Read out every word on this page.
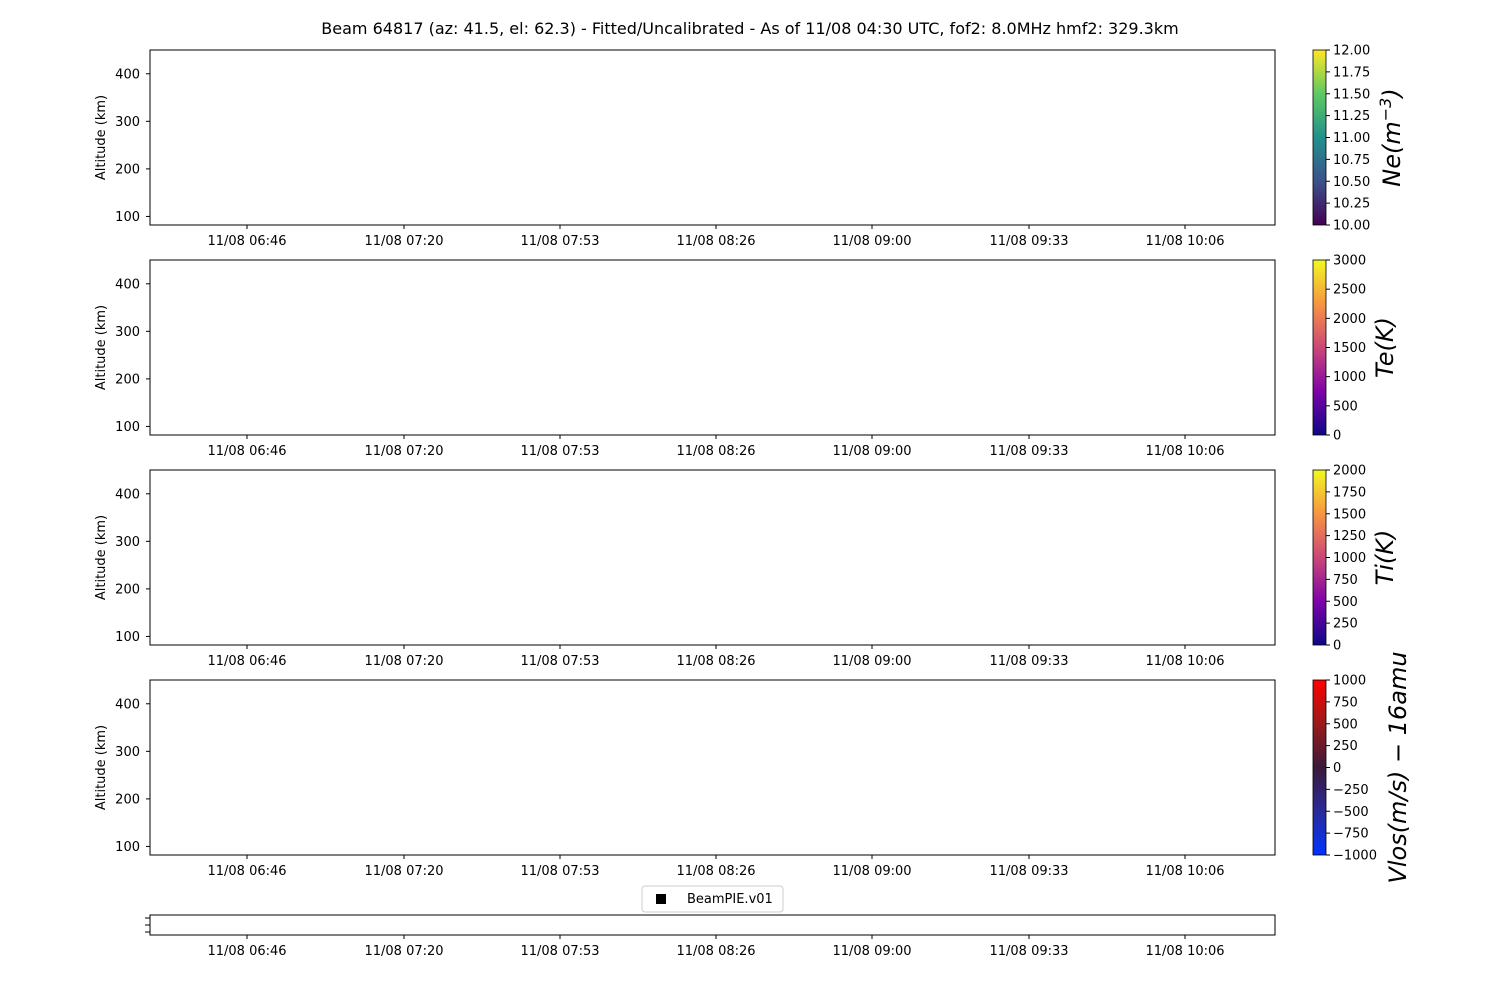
Beam 64817 (az: 41.5, el: 62.3) - Fitted/Uncalibrated - As of 11/08 04:30 UTC, fof2: 8.0MHz hmf2: 329.3km
100
200
300
400
Altitude (km)
11/08 06:46	11/08 07:20	11/08 07:53	11/08 08:26	11/08 09:00	11/08 09:33	11/08 10:06
10.00
10.25
10.50
10.75
11.00
11.25
11.50
11.75
12.00
$Ne(m^{-3})$
100
200
300
400
Altitude (km)
11/08 06:46	11/08 07:20	11/08 07:53	11/08 08:26	11/08 09:00	11/08 09:33	11/08 10:06
0
500
1000
1500
2000
2500
3000
Te(K)
100
200
300
400
Altitude (km)
11/08 06:46	11/08 07:20	11/08 07:53	11/08 08:26	11/08 09:00	11/08 09:33	11/08 10:06
0
250
500
750
1000
1250
1500
1750
2000
Ti(K)
100
200
300
400
Altitude (km)
11/08 06:46	11/08 07:20	11/08 07:53	11/08 08:26	11/08 09:00	11/08 09:33	11/08 10:06
−1000
−750
−500
−250
0
250
500
750
1000 Vlos(m/s) − 16amu
BeamPIE.v01
11/08 06:46	11/08 07:20	11/08 07:53	11/08 08:26	11/08 09:00	11/08 09:33	11/08 10:06
